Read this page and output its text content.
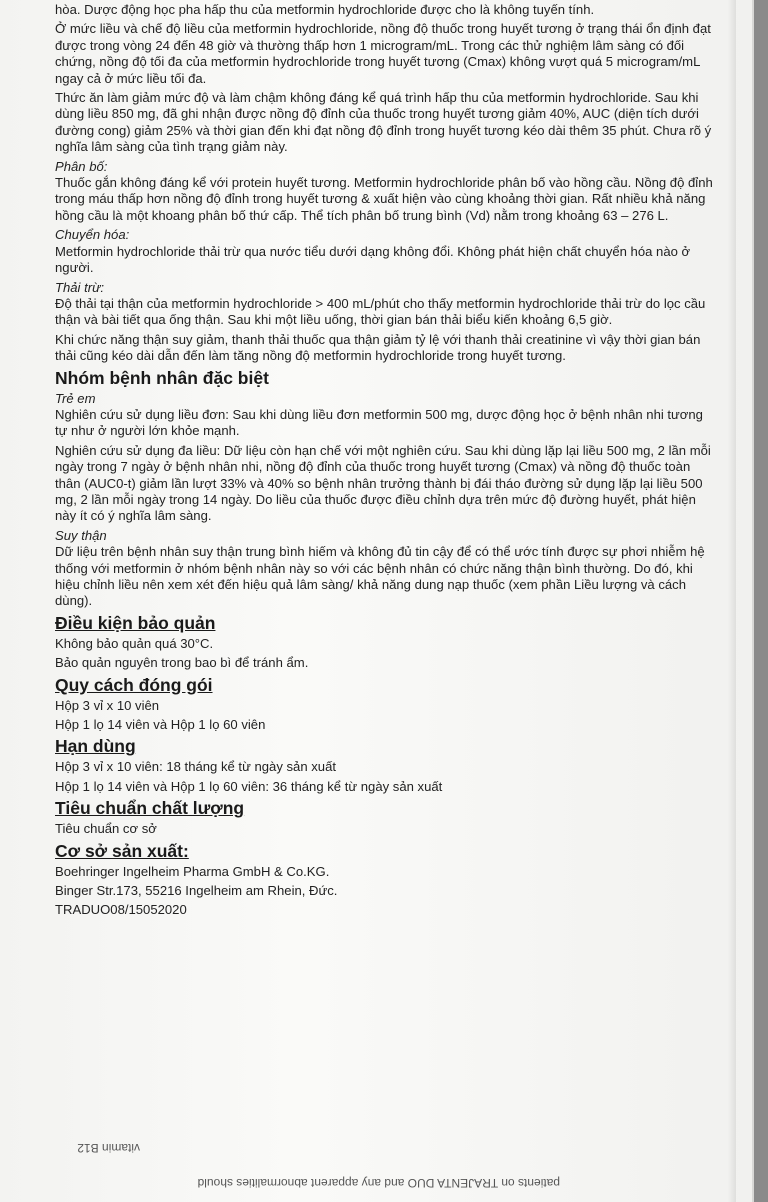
hòa. Dược động học pha hấp thu của metformin hydrochloride được cho là không tuyến tính.

Ở mức liều và chế độ liều của metformin hydrochloride, nồng độ thuốc trong huyết tương ở trạng thái ổn định đạt được trong vòng 24 đến 48 giờ và thường thấp hơn 1 microgram/mL. Trong các thử nghiệm lâm sàng có đối chứng, nồng độ tối đa của metformin hydrochloride trong huyết tương (Cmax) không vượt quá 5 microgram/mL ngay cả ở mức liều tối đa.

Thức ăn làm giảm mức độ và làm chậm không đáng kể quá trình hấp thu của metformin hydrochloride. Sau khi dùng liều 850 mg, đã ghi nhận được nồng độ đỉnh của thuốc trong huyết tương giảm 40%, AUC (diện tích dưới đường cong) giảm 25% và thời gian đến khi đạt nồng độ đỉnh trong huyết tương kéo dài thêm 35 phút. Chưa rõ ý nghĩa lâm sàng của tình trạng giảm này.

Phân bố:

Thuốc gắn không đáng kể với protein huyết tương. Metformin hydrochloride phân bố vào hồng cầu. Nồng độ đỉnh trong máu thấp hơn nồng độ đỉnh trong huyết tương & xuất hiện vào cùng khoảng thời gian. Rất nhiều khả năng hồng cầu là một khoang phân bố thứ cấp. Thể tích phân bố trung bình (Vd) nằm trong khoảng 63 – 276 L.

Chuyển hóa:

Metformin hydrochloride thải trừ qua nước tiểu dưới dạng không đổi. Không phát hiện chất chuyển hóa nào ở người.

Thải trừ:

Độ thải tại thận của metformin hydrochloride > 400 mL/phút cho thấy metformin hydrochloride thải trừ do lọc cầu thận và bài tiết qua ống thận. Sau khi một liều uống, thời gian bán thải biểu kiến khoảng 6,5 giờ.

Khi chức năng thận suy giảm, thanh thải thuốc qua thận giảm tỷ lệ với thanh thải creatinine vì vậy thời gian bán thải cũng kéo dài dẫn đến làm tăng nồng độ metformin hydrochloride trong huyết tương.

Nhóm bệnh nhân đặc biệt

Trẻ em

Nghiên cứu sử dụng liều đơn: Sau khi dùng liều đơn metformin 500 mg, dược động học ở bệnh nhân nhi tương tự như ở người lớn khỏe mạnh.

Nghiên cứu sử dụng đa liều: Dữ liệu còn hạn chế với một nghiên cứu. Sau khi dùng lặp lại liều 500 mg, 2 lần mỗi ngày trong 7 ngày ở bệnh nhân nhi, nồng độ đỉnh của thuốc trong huyết tương (Cmax) và nồng độ thuốc toàn thân (AUC0-t) giảm lần lượt 33% và 40% so bệnh nhân trưởng thành bị đái tháo đường sử dụng lặp lại liều 500 mg, 2 lần mỗi ngày trong 14 ngày. Do liều của thuốc được điều chỉnh dựa trên mức độ đường huyết, phát hiện này ít có ý nghĩa lâm sàng.

Suy thận

Dữ liệu trên bệnh nhân suy thận trung bình hiếm và không đủ tin cậy để có thể ước tính được sự phơi nhiễm hệ thống với metformin ở nhóm bệnh nhân này so với các bệnh nhân có chức năng thận bình thường. Do đó, khi hiệu chỉnh liều nên xem xét đến hiệu quả lâm sàng/ khả năng dung nạp thuốc (xem phần Liều lượng và cách dùng).

Điều kiện bảo quản

Không bảo quản quá 30°C.

Bảo quản nguyên trong bao bì để tránh ẩm.

Quy cách đóng gói

Hộp 3 vỉ x 10 viên

Hộp 1 lọ 14 viên và Hộp 1 lọ 60 viên

Hạn dùng

Hộp 3 vỉ x 10 viên: 18 tháng kể từ ngày sản xuất

Hộp 1 lọ 14 viên và Hộp 1 lọ 60 viên: 36 tháng kể từ ngày sản xuất

Tiêu chuẩn chất lượng

Tiêu chuẩn cơ sở

Cơ sở sản xuất:

Boehringer Ingelheim Pharma GmbH & Co.KG.

Binger Str.173, 55216 Ingelheim am Rhein, Đức.

TRADUO08/15052020

patients on TRAJENTA DUO and any apparent abnormalities should
vitamin B12
